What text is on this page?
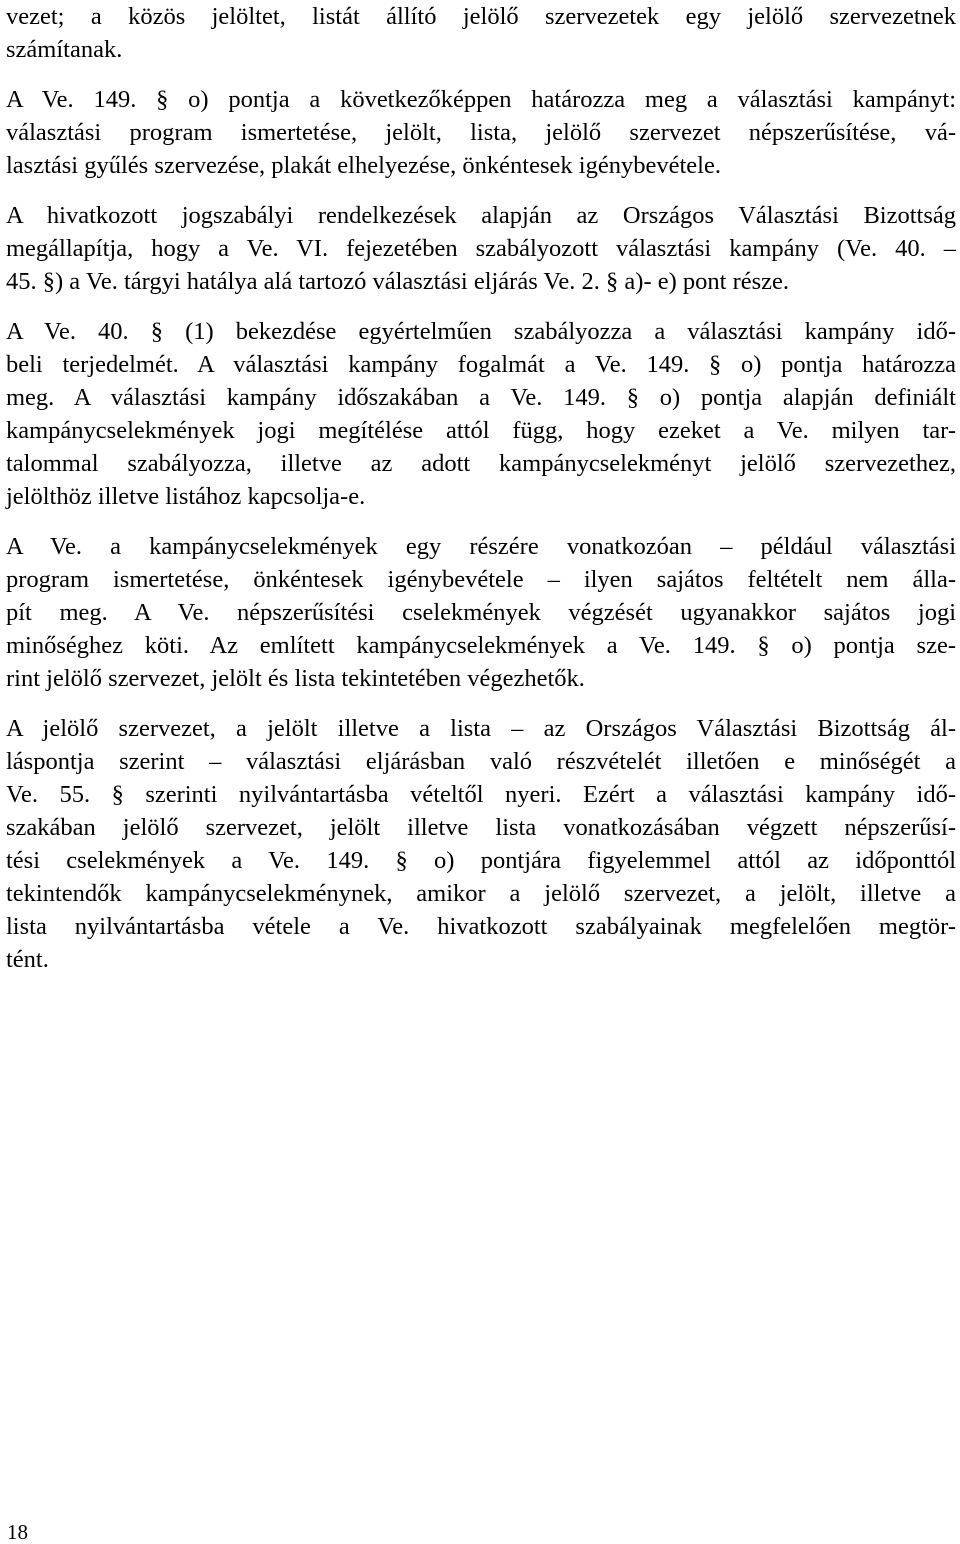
vezet; a közös jelöltet, listát állító jelölő szervezetek egy jelölő szervezetnek
számítanak.
A Ve. 149. § o) pontja a következőképpen határozza meg a választási kampányt:
választási program ismertetése, jelölt, lista, jelölő szervezet népszerűsítése, vá-
lasztási gyűlés szervezése, plakát elhelyezése, önkéntesek igénybevétele.
A hivatkozott jogszabályi rendelkezések alapján az Országos Választási Bizottság
megállapítja, hogy a Ve. VI. fejezetében szabályozott választási kampány (Ve. 40. –
45. §) a Ve. tárgyi hatálya alá tartozó választási eljárás Ve. 2. § a)- e) pont része.
A Ve. 40. § (1) bekezdése egyértelműen szabályozza a választási kampány idő-
beli terjedelmét. A választási kampány fogalmát a Ve. 149. § o) pontja határozza
meg. A választási kampány időszakában a Ve. 149. § o) pontja alapján definiált
kampánycselekmények jogi megítélése attól függ, hogy ezeket a Ve. milyen tar-
talommal szabályozza, illetve az adott kampánycselekményt jelölő szervezethez,
jelölthöz illetve listához kapcsolja-e.
A Ve. a kampánycselekmények egy részére vonatkozóan – például választási
program ismertetése, önkéntesek igénybevétele – ilyen sajátos feltételt nem álla-
pít meg. A Ve. népszerűsítési cselekmények végzését ugyanakkor sajátos jogi
minőséghez köti. Az említett kampánycselekmények a Ve. 149. § o) pontja sze-
rint jelölő szervezet, jelölt és lista tekintetében végezhetők.
A jelölő szervezet, a jelölt illetve a lista – az Országos Választási Bizottság ál-
láspontja szerint – választási eljárásban való részvételét illetően e minőségét a
Ve. 55. § szerinti nyilvántartásba vételtől nyeri. Ezért a választási kampány idő-
szakában jelölő szervezet, jelölt illetve lista vonatkozásában végzett népszerűsí-
tési cselekmények a Ve. 149. § o) pontjára figyelemmel attól az időponttól
tekintendők kampánycselekménynek, amikor a jelölő szervezet, a jelölt, illetve a
lista nyilvántartásba vétele a Ve. hivatkozott szabályainak megfelelően megtör-
tént.
18
